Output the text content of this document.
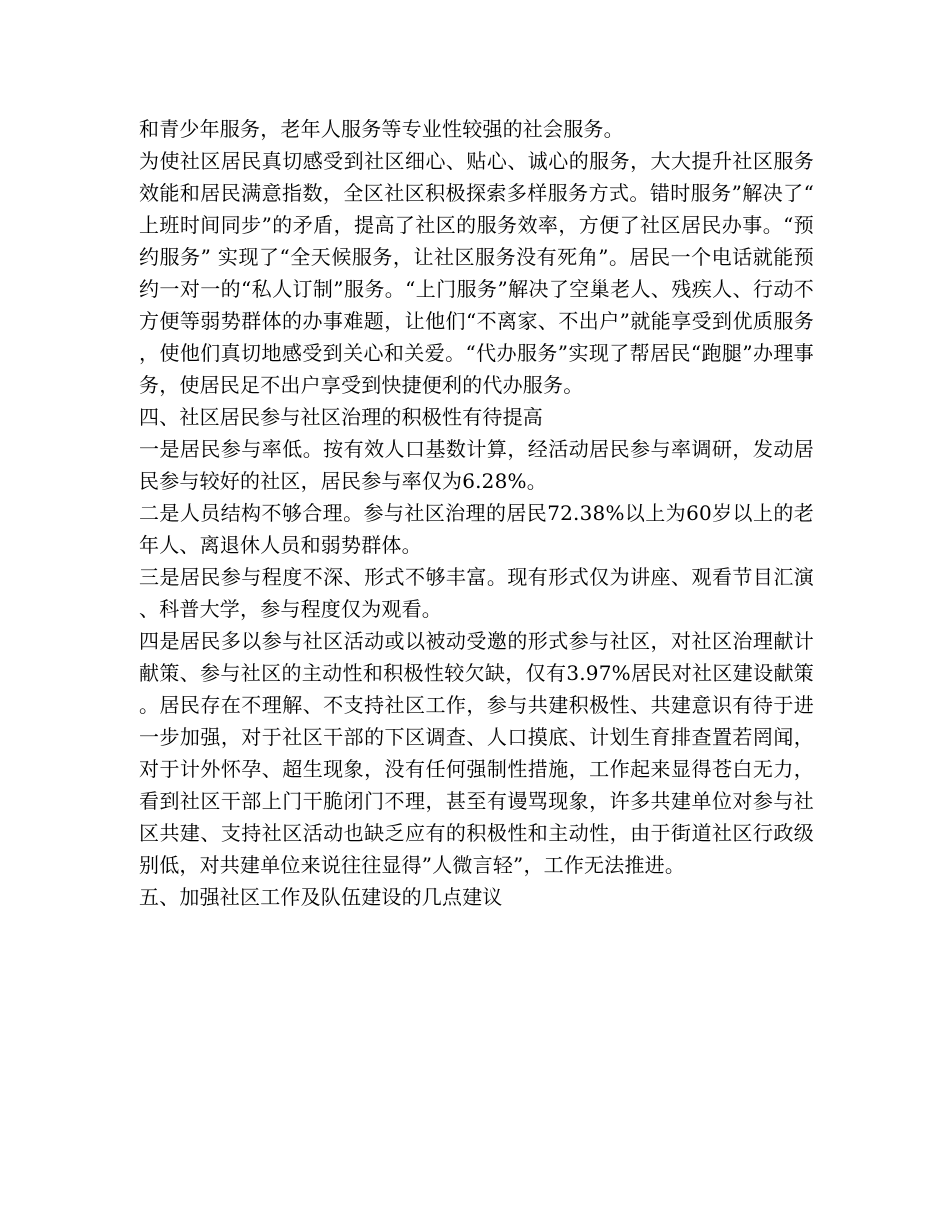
和青少年服务，老年人服务等专业性较强的社会服务。

为使社区居民真切感受到社区细心、贴心、诚心的服务，大大提升社区服务效能和居民满意指数，全区社区积极探索多样服务方式。错时服务”解决了“上班时间同步”的矛盾，提高了社区的服务效率，方便了社区居民办事。“预约服务” 实现了“全天候服务，让社区服务没有死角”。居民一个电话就能预约一对一的“私人订制”服务。“上门服务”解决了空巢老人、残疾人、行动不方便等弱势群体的办事难题，让他们“不离家、不出户”就能享受到优质服务，使他们真切地感受到关心和关爱。“代办服务”实现了帮居民“跑腿”办理事务，使居民足不出户享受到快捷便利的代办服务。

四、社区居民参与社区治理的积极性有待提高

一是居民参与率低。按有效人口基数计算，经活动居民参与率调研，发动居民参与较好的社区，居民参与率仅为6.28%。

二是人员结构不够合理。参与社区治理的居民72.38%以上为60岁以上的老年人、离退休人员和弱势群体。

三是居民参与程度不深、形式不够丰富。现有形式仅为讲座、观看节目汇演、科普大学，参与程度仅为观看。

四是居民多以参与社区活动或以被动受邀的形式参与社区，对社区治理献计献策、参与社区的主动性和积极性较欠缺，仅有3.97%居民对社区建设献策。居民存在不理解、不支持社区工作，参与共建积极性、共建意识有待于进一步加强，对于社区干部的下区调查、人口摸底、计划生育排查置若罔闻，对于计外怀孕、超生现象，没有任何强制性措施，工作起来显得苍白无力，看到社区干部上门干脆闭门不理，甚至有谩骂现象，许多共建单位对参与社区共建、支持社区活动也缺乏应有的积极性和主动性，由于街道社区行政级别低，对共建单位来说往往显得”人微言轻”，工作无法推进。

五、加强社区工作及队伍建设的几点建议
